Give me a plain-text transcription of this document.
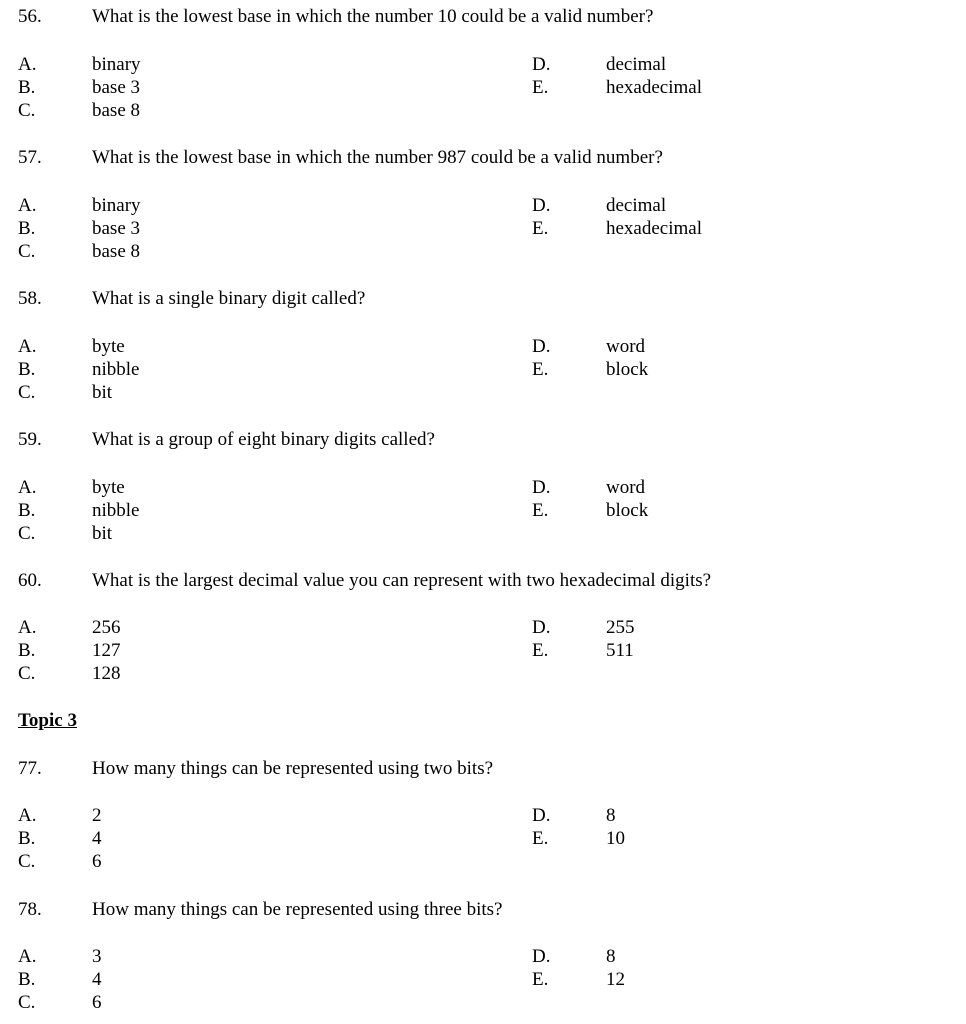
56.	What is the lowest base in which the number 10 could be a valid number?
A.	binary	D.	decimal
B.	base 3	E.	hexadecimal
C.	base 8
57.	What is the lowest base in which the number 987 could be a valid number?
A.	binary	D.	decimal
B.	base 3	E.	hexadecimal
C.	base 8
58.	What is a single binary digit called?
A.	byte	D.	word
B.	nibble	E.	block
C.	bit
59.	What is a group of eight binary digits called?
A.	byte	D.	word
B.	nibble	E.	block
C.	bit
60.	What is the largest decimal value you can represent with two hexadecimal digits?
A.	256	D.	255
B.	127	E.	511
C.	128
Topic 3
77.	How many things can be represented using two bits?
A.	2	D.	8
B.	4	E.	10
C.	6
78.	How many things can be represented using three bits?
A.	3	D.	8
B.	4	E.	12
C.	6
